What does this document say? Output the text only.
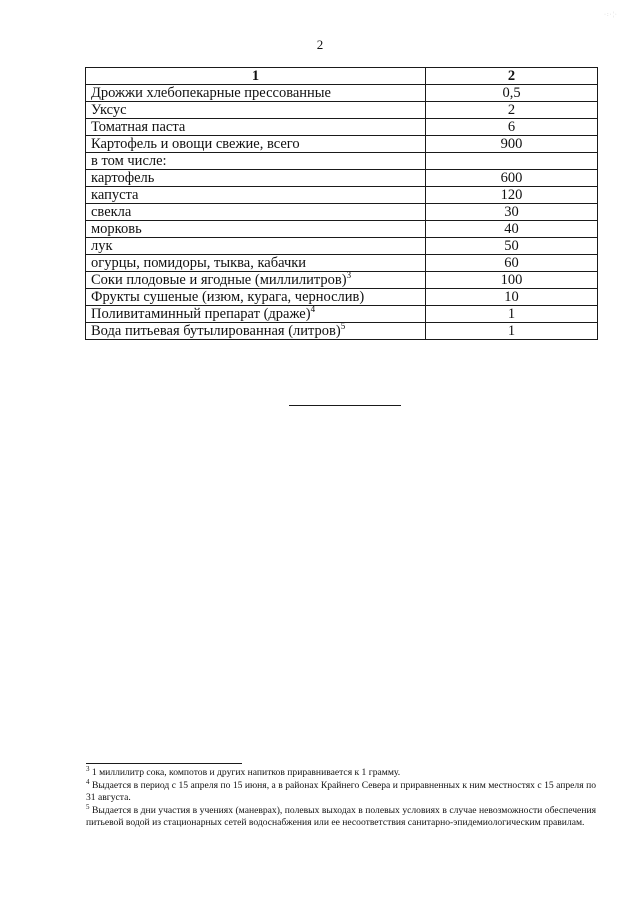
·:·¦·
2
1	2
Дрожжи хлебопекарные прессованные	0,5
Уксус	2
Томатная паста	6
Картофель и овощи свежие, всего	900
в том числе:	
картофель	600
капуста	120
свекла	30
морковь	40
лук	50
огурцы, помидоры, тыква, кабачки	60
Соки плодовые и ягодные (миллилитров)$^3$	100
Фрукты сушеные (изюм, курага, чернослив)	10
Поливитаминный препарат (драже)$^4$	1
Вода питьевая бутылированная (литров)$^5$	1

$^3$ 1 миллилитр сока, компотов и других напитков приравнивается к 1 грамму.

$^4$ Выдается в период с 15 апреля по 15 июня, а в районах Крайнего Севера и приравненных к ним местностях с 15 апреля по 31 августа.

$^5$ Выдается в дни участия в учениях (маневрах), полевых выходах в полевых условиях в случае невозможности обеспечения питьевой водой из стационарных сетей водоснабжения или ее несоответствия санитарно-эпидемиологическим правилам.
